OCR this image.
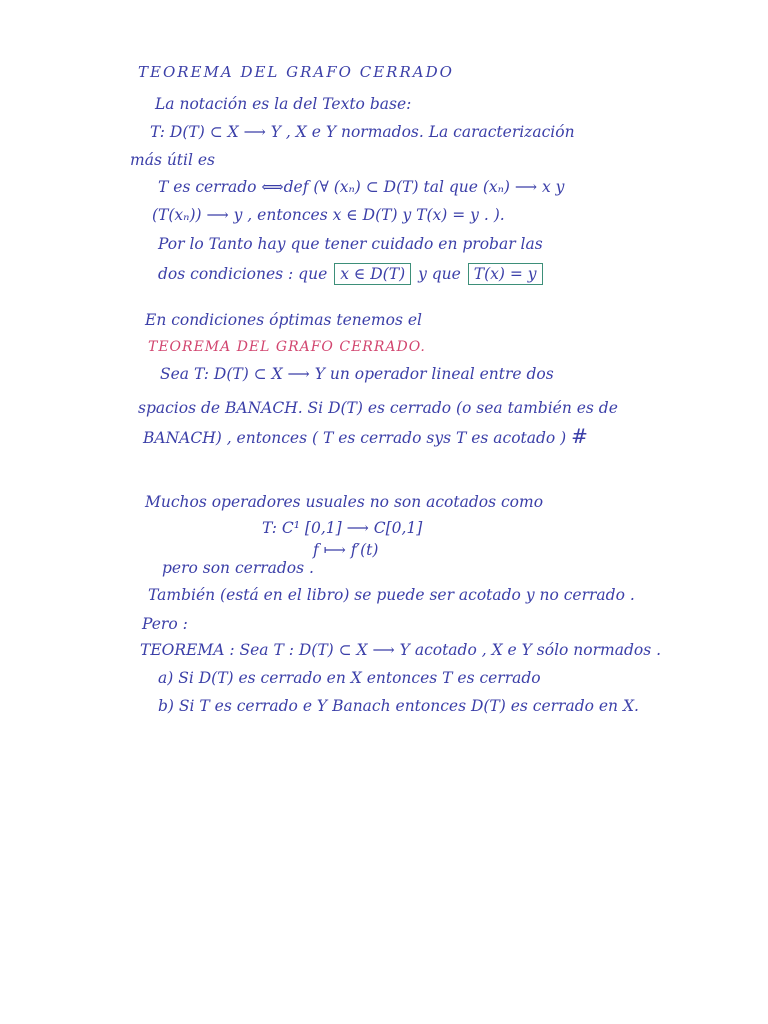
TEOREMA DEL GRAFO CERRADO
La notación es la del Texto base:
T: D(T) ⊂ X ⟶ Y , X e Y normados. La caracterización
más útil es
T es cerrado ⟺def (∀ (xₙ) ⊂ D(T) tal que (xₙ) ⟶ x y
(T(xₙ)) ⟶ y , entonces x ∈ D(T) y T(x) = y . ).
Por lo Tanto hay que tener cuidado en probar las
dos condiciones : que x ∈ D(T) y que T(x) = y
En condiciones óptimas tenemos el
TEOREMA DEL GRAFO CERRADO.
Sea T: D(T) ⊂ X ⟶ Y un operador lineal entre dos
spacios de BANACH. Si D(T) es cerrado (o sea también es de
BANACH) , entonces ( T es cerrado sys T es acotado ) #
Muchos operadores usuales no son acotados como
T: C¹ [0,1] ⟶ C[0,1]
f ⟼ f′(t)
pero son cerrados .
También (está en el libro) se puede ser acotado y no cerrado .
Pero :
TEOREMA : Sea T : D(T) ⊂ X ⟶ Y acotado , X e Y sólo normados .
a) Si D(T) es cerrado en X entonces T es cerrado
b) Si T es cerrado e Y Banach entonces D(T) es cerrado en X.
